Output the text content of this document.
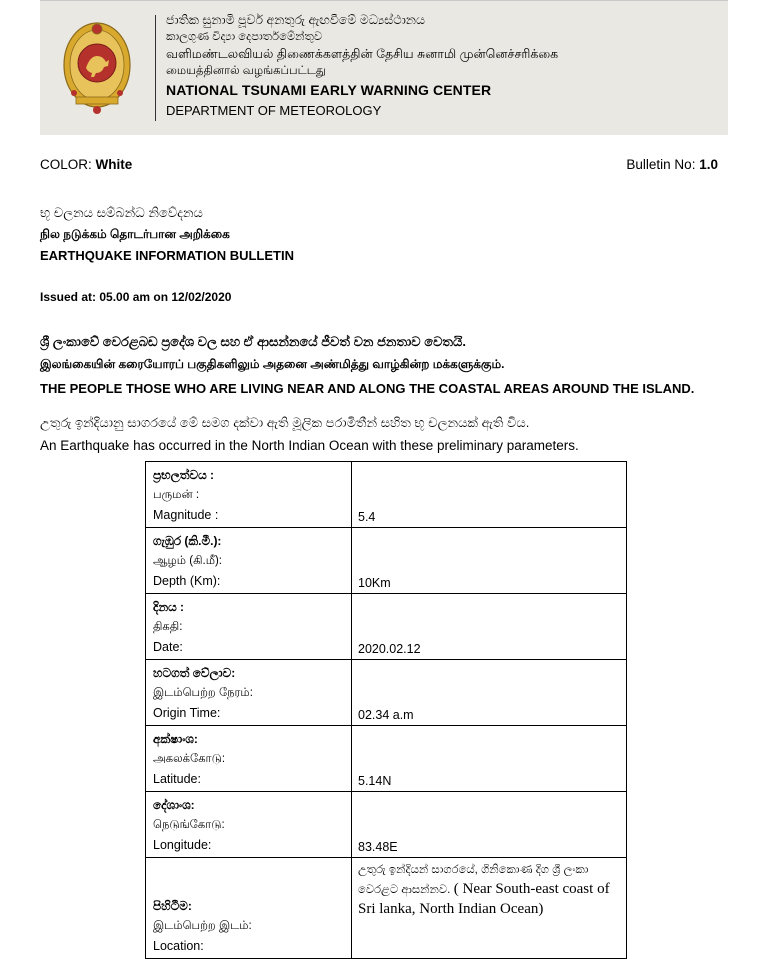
ජාතික සුනාමි පූර්ව අනතුරු ඇඟවීමේ මධ්‍යස්ථානය
කාලගුණ විද්‍යා දෙපාර්තමේන්තුව
வளிமண்டலவியல் திணைக்களத்தின் தேசிய சுனாமி முன்னெச்சரிக்கை
மையத்தினால் வழங்கப்பட்டது
NATIONAL TSUNAMI EARLY WARNING CENTER
DEPARTMENT OF METEOROLOGY
COLOR: White	Bulletin No: 1.0
භූ චලනය සම්බන්ධ නිවේදනය
நில நடுக்கம் தொடர்பான அறிக்கை
EARTHQUAKE INFORMATION BULLETIN
Issued at: 05.00 am on 12/02/2020
ශ්‍රී ලංකාවේ වෙරළබඩ ප්‍රදේශ වල සහ ඒ ආසන්නයේ ජීවත් වන ජනතාව වෙතයි.
இலங்கையின் கரையோரப் பகுதிகளிலும் அதனை அண்மித்து வாழ்கின்ற மக்களுக்கும்.
THE PEOPLE THOSE WHO ARE LIVING NEAR AND ALONG THE COASTAL AREAS AROUND THE ISLAND.
උතුරු ඉන්දියානු සාගරයේ මේ සමග දක්වා ඇති මූලික පරාමිතීන් සහිත භූ චලනයක් ඇති විය.
An Earthquake has occurred in the North Indian Ocean with these preliminary parameters.
ප්‍රභලත්වය :
பருமன் :
Magnitude :	5.4

ගැඹුර (කි.මී.):
ஆழம் (கி.மீ):
Depth (Km):	10Km

දිනය :
திகதி:
Date:	2020.02.12

හටගත් වේලාව:
இடம்பெற்ற நேரம்:
Origin Time:	02.34 a.m

අක්ෂාංශ:
அகலக்கோடு:
Latitude:	5.14N

දේශාංශ:
நெடுங்கோடு:
Longitude:	83.48E

පිහිටීම:
இடம்பெற்ற இடம்:
Location:	උතුරු ඉන්දියන් සාගරයේ, ගිනිකොණ දිග ශ්‍රී ලංකා වෙරළට ආසන්නව. ( Near South-east coast of Sri lanka, North Indian Ocean)
